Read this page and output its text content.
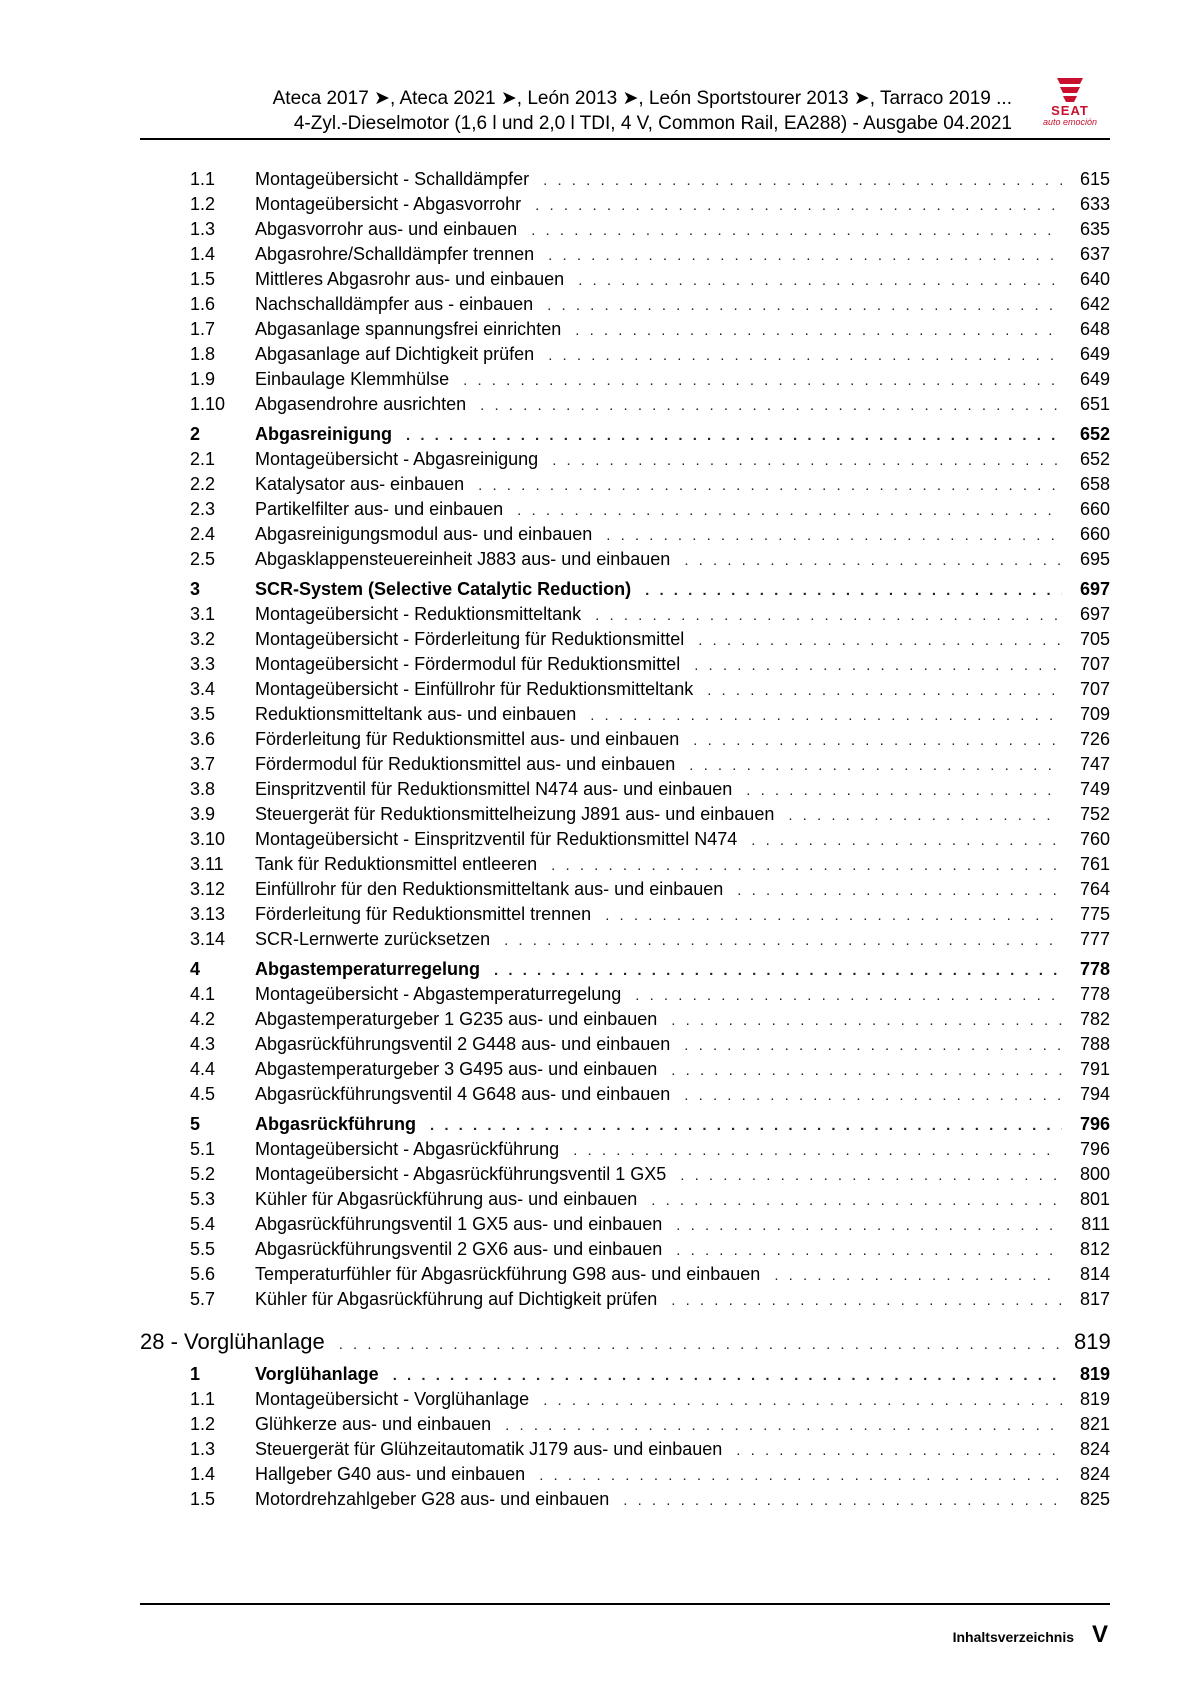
Ateca 2017 ➤, Ateca 2021 ➤, León 2013 ➤, León Sportstourer 2013 ➤, Tarraco 2019 ...
4-Zyl.-Dieselmotor (1,6 l und 2,0 l TDI, 4 V, Common Rail, EA288) - Ausgabe 04.2021
SEAT
auto emoción
1.1	Montageübersicht - Schalldämpfer . . .	615
1.2	Montageübersicht - Abgasvorrohr . . .	633
1.3	Abgasvorrohr aus- und einbauen . . .	635
1.4	Abgasrohre/Schalldämpfer trennen . . .	637
1.5	Mittleres Abgasrohr aus- und einbauen . . .	640
1.6	Nachschalldämpfer aus - einbauen . . .	642
1.7	Abgasanlage spannungsfrei einrichten . . .	648
1.8	Abgasanlage auf Dichtigkeit prüfen . . .	649
1.9	Einbaulage Klemmhülse . . .	649
1.10	Abgasendrohre ausrichten . . .	651
2	Abgasreinigung . . .	652
2.1	Montageübersicht - Abgasreinigung . . .	652
2.2	Katalysator aus- einbauen . . .	658
2.3	Partikelfilter aus- und einbauen . . .	660
2.4	Abgasreinigungsmodul aus- und einbauen . . .	660
2.5	Abgasklappensteuereinheit J883 aus- und einbauen . . .	695
3	SCR-System (Selective Catalytic Reduction) . . .	697
3.1	Montageübersicht - Reduktionsmitteltank . . .	697
3.2	Montageübersicht - Förderleitung für Reduktionsmittel . . .	705
3.3	Montageübersicht - Fördermodul für Reduktionsmittel . . .	707
3.4	Montageübersicht - Einfüllrohr für Reduktionsmitteltank . . .	707
3.5	Reduktionsmitteltank aus- und einbauen . . .	709
3.6	Förderleitung für Reduktionsmittel aus- und einbauen . . .	726
3.7	Fördermodul für Reduktionsmittel aus- und einbauen . . .	747
3.8	Einspritzventil für Reduktionsmittel N474 aus- und einbauen . . .	749
3.9	Steuergerät für Reduktionsmittelheizung J891 aus- und einbauen . . .	752
3.10	Montageübersicht - Einspritzventil für Reduktionsmittel N474 . . .	760
3.11	Tank für Reduktionsmittel entleeren . . .	761
3.12	Einfüllrohr für den Reduktionsmitteltank aus- und einbauen . . .	764
3.13	Förderleitung für Reduktionsmittel trennen . . .	775
3.14	SCR-Lernwerte zurücksetzen . . .	777
4	Abgastemperaturregelung . . .	778
4.1	Montageübersicht - Abgastemperaturregelung . . .	778
4.2	Abgastemperaturgeber 1 G235 aus- und einbauen . . .	782
4.3	Abgasrückführungsventil 2 G448 aus- und einbauen . . .	788
4.4	Abgastemperaturgeber 3 G495 aus- und einbauen . . .	791
4.5	Abgasrückführungsventil 4 G648 aus- und einbauen . . .	794
5	Abgasrückführung . . .	796
5.1	Montageübersicht - Abgasrückführung . . .	796
5.2	Montageübersicht - Abgasrückführungsventil 1 GX5 . . .	800
5.3	Kühler für Abgasrückführung aus- und einbauen . . .	801
5.4	Abgasrückführungsventil 1 GX5 aus- und einbauen . . .	811
5.5	Abgasrückführungsventil 2 GX6 aus- und einbauen . . .	812
5.6	Temperaturfühler für Abgasrückführung G98 aus- und einbauen . . .	814
5.7	Kühler für Abgasrückführung auf Dichtigkeit prüfen . . .	817
28 - Vorglühanlage . . .	819
1	Vorglühanlage . . .	819
1.1	Montageübersicht - Vorglühanlage . . .	819
1.2	Glühkerze aus- und einbauen . . .	821
1.3	Steuergerät für Glühzeitautomatik J179 aus- und einbauen . . .	824
1.4	Hallgeber G40 aus- und einbauen . . .	824
1.5	Motordrehzahlgeber G28 aus- und einbauen . . .	825
Inhaltsverzeichnis V
